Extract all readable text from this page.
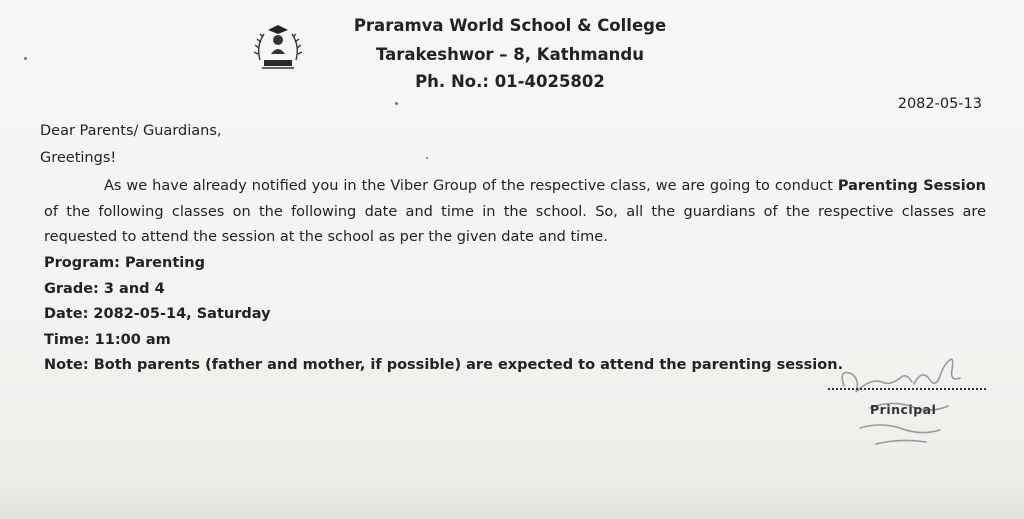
Praramva World School & College
Tarakeshwor – 8, Kathmandu
Ph. No.: 01-4025802
2082-05-13
Dear Parents/ Guardians,
Greetings!
As we have already notified you in the Viber Group of the respective class, we are going to conduct Parenting Session of the following classes on the following date and time in the school. So, all the guardians of the respective classes are requested to attend the session at the school as per the given date and time.
Program: Parenting
Grade: 3 and 4
Date: 2082-05-14, Saturday
Time: 11:00 am
Note: Both parents (father and mother, if possible) are expected to attend the parenting session.
Principal
